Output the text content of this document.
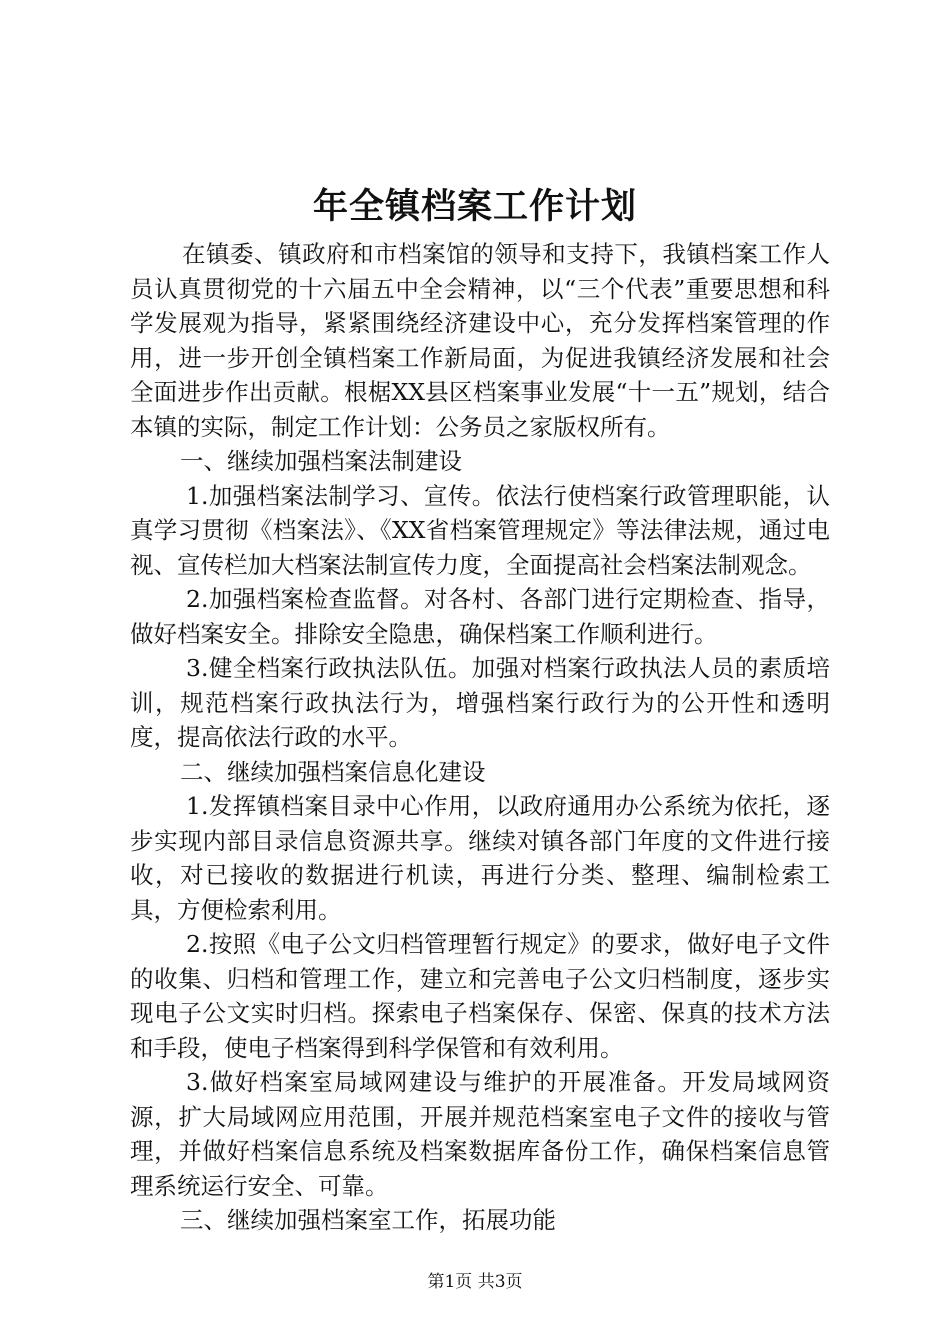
年全镇档案工作计划

在镇委、镇政府和市档案馆的领导和支持下，我镇档案工作人员认真贯彻党的十六届五中全会精神，以“三个代表”重要思想和科学发展观为指导，紧紧围绕经济建设中心，充分发挥档案管理的作用，进一步开创全镇档案工作新局面，为促进我镇经济发展和社会全面进步作出贡献。根椐XX县区档案事业发展“十一五”规划，结合本镇的实际，制定工作计划：公务员之家版权所有。

一、继续加强档案法制建设

1.加强档案法制学习、宣传。依法行使档案行政管理职能，认真学习贯彻《档案法》、《XX省档案管理规定》等法律法规，通过电视、宣传栏加大档案法制宣传力度，全面提高社会档案法制观念。

2.加强档案检查监督。对各村、各部门进行定期检查、指导，做好档案安全。排除安全隐患，确保档案工作顺利进行。

3.健全档案行政执法队伍。加强对档案行政执法人员的素质培训，规范档案行政执法行为，增强档案行政行为的公开性和透明度，提高依法行政的水平。

二、继续加强档案信息化建设

1.发挥镇档案目录中心作用，以政府通用办公系统为依托，逐步实现内部目录信息资源共享。继续对镇各部门年度的文件进行接收，对已接收的数据进行机读，再进行分类、整理、编制检索工具，方便检索利用。

2.按照《电子公文归档管理暂行规定》的要求，做好电子文件的收集、归档和管理工作，建立和完善电子公文归档制度，逐步实现电子公文实时归档。探索电子档案保存、保密、保真的技术方法和手段，使电子档案得到科学保管和有效利用。

3.做好档案室局域网建设与维护的开展准备。开发局域网资源，扩大局域网应用范围，开展并规范档案室电子文件的接收与管理，并做好档案信息系统及档案数据库备份工作，确保档案信息管理系统运行安全、可靠。

三、继续加强档案室工作，拓展功能

第1页 共3页
